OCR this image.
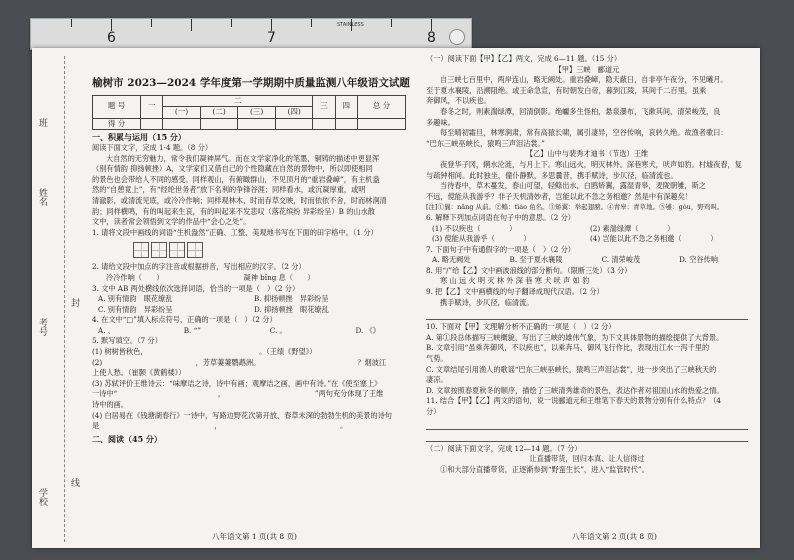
6	7	8
STAINLESS
班
姓名
考号
学校
封
线
榆树市 2023—2024 学年度第一学期期中质量监测八年级语文试题
题 号	一	二				三	四	总 分
		(一)	(二)	(三)	(四)			
得 分								
一、积累与运用（15 分）
阅读下面文字，完成 1-4 题。（8 分）
大自然的无穷魅力，常令我们凝神屏气。而在文学家净化的笔墨，铜铸的描述中更显浑
（别有情韵 抑扬顿挫）A，文学家们又借自己的个性隐藏在自然的景物中，所以即使相同
的景色也会带给人不同的感受。同样观山，有俯瞰群山，不见顶月的“重岩叠嶂”，有主机盎
然的“自憩竟上”，有“经纶世务者”放下名利的争锋谷涯；同样看水，或沉凝厚重，或明
清澈影，或清流见底，或冷冷作响；同样观林木，时而吞草交映，时而依依不舍，时而林涧清
韵；同样横鸣，有的叫起来生哀，有的叫起来不发悲叹（落花缤纷 异彩纷呈）B 的山水散
文中，读者常会领悟到文学的作品中“会心之处”。
1. 请将文段中画线的词语“生机盎然”正确、工整、美观地书写在下面的田字格中。（1 分）
2. 请给文段中加点的字注音或根据拼音，写出相应的汉字。（2 分）
冷冷作响（　　）	凝神 bǐng 息（　　）
3. 文中 AB 两处横线依次选择词语，恰当的一项是（　）（2 分）
A. 别有情韵　眼花缭乱	B. 抑扬顿挫　异彩纷呈
C. 别有情韵　异彩纷呈	D. 抑扬顿挫　眼花缭乱
4. 在文中“□”填入标点符号，正确的一项是（　）（2 分）
A. 、	B. “”	C. 。	D. 《》
5. 默写填空。（7 分）
(1) 树树皆秋色，　　　　　　　　　　　　　　　　。（王绩《野望》）
(2)　　　　　　　　　　　　　，芳草萋萋鹦鹉洲。　　　　　　　　　　　　　　？烟波江
上使人愁。（崔颢《黄鹤楼》）
(3) 苏轼评价王维诗云：“味摩诘之诗，诗中有画；观摩诘之画，画中有诗。”在《使至塞上》
一诗中“　　　　　　　　　　　　　　，　　　　　　　　　　　　　”两句充分体现了王维
诗中的画。
(4) 白居易在《钱塘湖春行》一诗中，写路边野花次第开放、春草未深的勃勃生机的美景的诗句
是　　　　　　　　　　　　　　　　，　　　　　　　　　　　　　　　　　。
二、阅读（45 分）
八年语文第 1 页(共 8 页)
（一）阅读下面【甲】【乙】两文，完成 6—11 题。（15 分）
【甲】三峡　郦道元
自三峡七百里中，两岸连山，略无阙处。重岩叠嶂，隐天蔽日，自非亭午夜分，不见曦月。
至于夏水襄陵，沿溯阻绝。或王命急宣，有时朝发白帝，暮到江陵，其间千二百里，虽乘
奔御风，不以疾也。
春冬之时，则素湍绿潭，回清倒影。绝巘多生怪柏，悬泉瀑布，飞漱其间，清荣峻茂，良
多趣味。
每至晴初霜旦，林寒涧肃，常有高猿长啸，属引凄异，空谷传响，哀转久绝。故渔者歌曰：
“巴东三峡巫峡长，猿鸣三声泪沾裳。”
【乙】山中与裴秀才迪书（节选）王维
夜登华子冈，辋水沦涟，与月上下。寒山远火，明灭林外。深巷寒犬，吠声如豹。村墟夜舂，复
与疏钟相间。此时独坐，僮仆静默，多思曩昔，携手赋诗，步仄径，临清流也。
当待春中，草木蔓发，春山可望，轻鲦出水，白鸥矫翼，露湿青皋，麦陇朝雊，斯之
不远，傥能从我游乎？非子天机清妙者，岂能以此不急之务相邀？然是中有深趣矣！
[注]①曩：nǎng 从前。②鲦：tiáo 鱼名。③矫翼：举起翅膀。④青皋：青草地。⑤雊：gòu，野鸡叫。
6. 解释下列加点词语在句子中的意思。（2 分）
(1) 不以疾也（　　　　）	(2) 素湍绿潭（　　　　）
(3) 傥能从我游乎（　　　　）	(4) 岂能以此不急之务相邀（　　　　）
7. 下面句子中有通假字的一项是（　）（2 分）
A. 略无阙处	B. 至于夏水襄陵	C. 清荣峻茂	D. 空谷传响
8. 用“/”给【乙】文中画波浪线的部分断句。（限断三处）（3 分）
寒 山 远 火 明 灭 林 外 深 巷 寒 犬 吠 声 如 豹
9. 把【乙】文中画横线的句子翻译成现代汉语。（2 分）
携手赋诗，步仄径，临清流。
10. 下面对【甲】文理解分析不正确的一项是（　）（2 分）
A. 第①段总体描写三峡概貌，写出了三峡的雄伟气象，为下文具体景物的描绘提供了大背景。
B. 文章引用“虽乘奔御风，不以疾也”，以乘奔马、御风飞行作比，表现出江水一泻千里的
气势。
C. 文章结尾引用渔人的歌谣“巴东三峡巫峡长，猿鸣三声泪沾裳”，进一步突出了三峡秋天的
凄凉。
D. 文章按照春夏秋冬的顺序，描绘了三峡清秀雄奇的景色，表达作者对祖国山水的热爱之情。
11. 结合【甲】【乙】两文的语句，说一说郦道元和王维笔下春天的景物分别有什么特点？（4
分）
（二）阅读下面文字，完成 12—14 题。（7 分）
让直播带货，回归本真、让人信得过
①和大部分直播带货，正逐渐参到“野蛮生长”，进入“监管时代”。
八年语文第 2 页(共 8 页)
